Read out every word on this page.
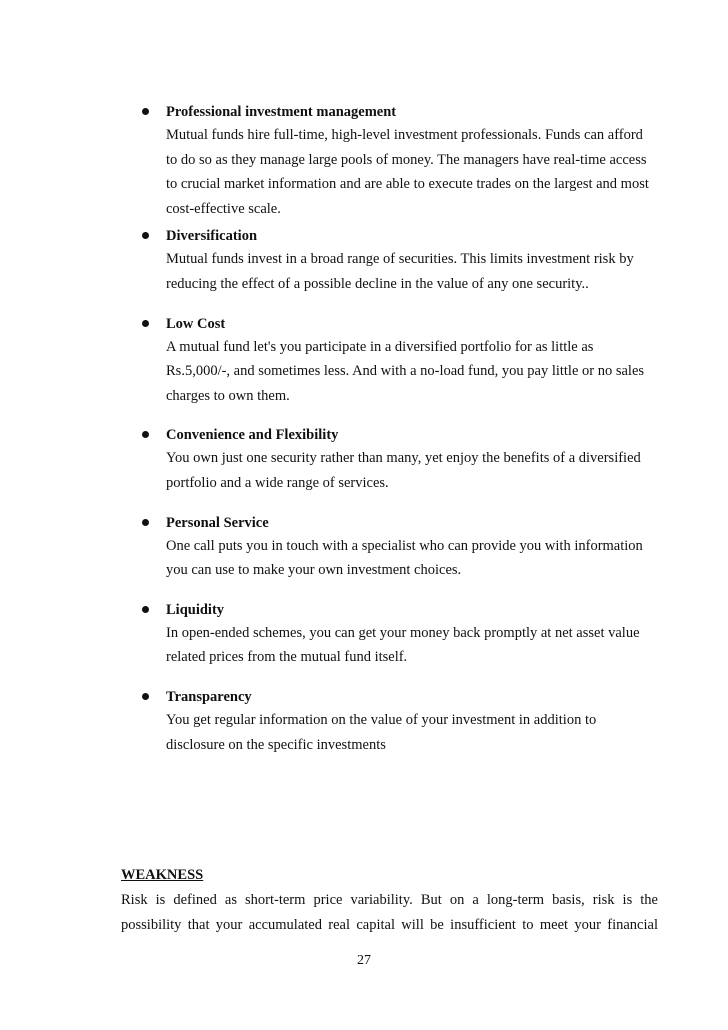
Professional investment management
Mutual funds hire full-time, high-level investment professionals. Funds can afford to do so as they manage large pools of money. The managers have real-time access to crucial market information and are able to execute trades on the largest and most cost-effective scale.
Diversification
Mutual funds invest in a broad range of securities. This limits investment risk by reducing the effect of a possible decline in the value of any one security..
Low Cost
A mutual fund let's you participate in a diversified portfolio for as little as Rs.5,000/-, and sometimes less. And with a no-load fund, you pay little or no sales charges to own them.
Convenience and Flexibility
You own just one security rather than many, yet enjoy the benefits of a diversified portfolio and a wide range of services.
Personal Service
One call puts you in touch with a specialist who can provide you with information you can use to make your own investment choices.
Liquidity
In open-ended schemes, you can get your money back promptly at net asset value related prices from the mutual fund itself.
Transparency
You get regular information on the value of your investment in addition to disclosure on the specific investments
WEAKNESS
Risk is defined as short-term price variability. But on a long-term basis, risk is the possibility that your accumulated real capital will be insufficient to meet your financial
27
